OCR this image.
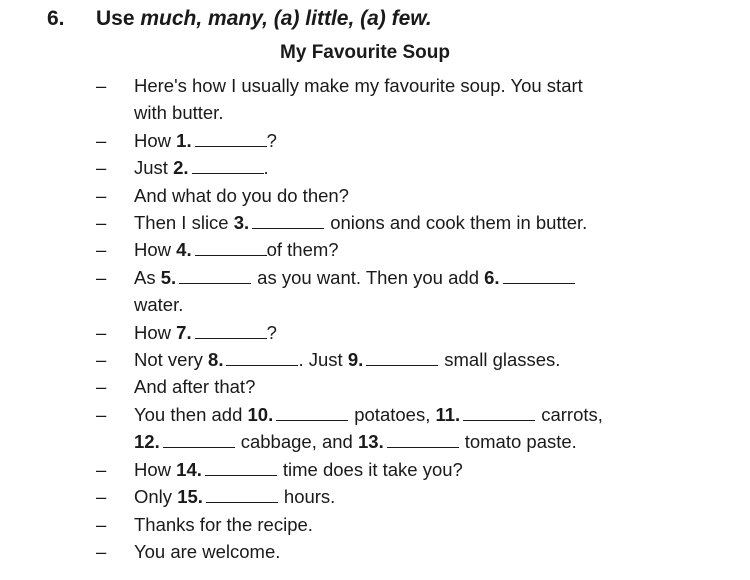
6. Use much, many, (a) little, (a) few.
My Favourite Soup
– Here's how I usually make my favourite soup. You start
with butter.
– How 1.	?
– Just 2.	.
– And what do you do then?
– Then I slice 3.	onions and cook them in butter.
– How 4.	of them?
– As 5.	as you want. Then you add 6.
water.
– How 7.	?
– Not very 8.	. Just 9.	small glasses.
– And after that?
– You then add 10.	potatoes, 11.	carrots,
12.	cabbage, and 13.	tomato paste.
– How 14.	time does it take you?
– Only 15.	hours.
– Thanks for the recipe.
– You are welcome.
